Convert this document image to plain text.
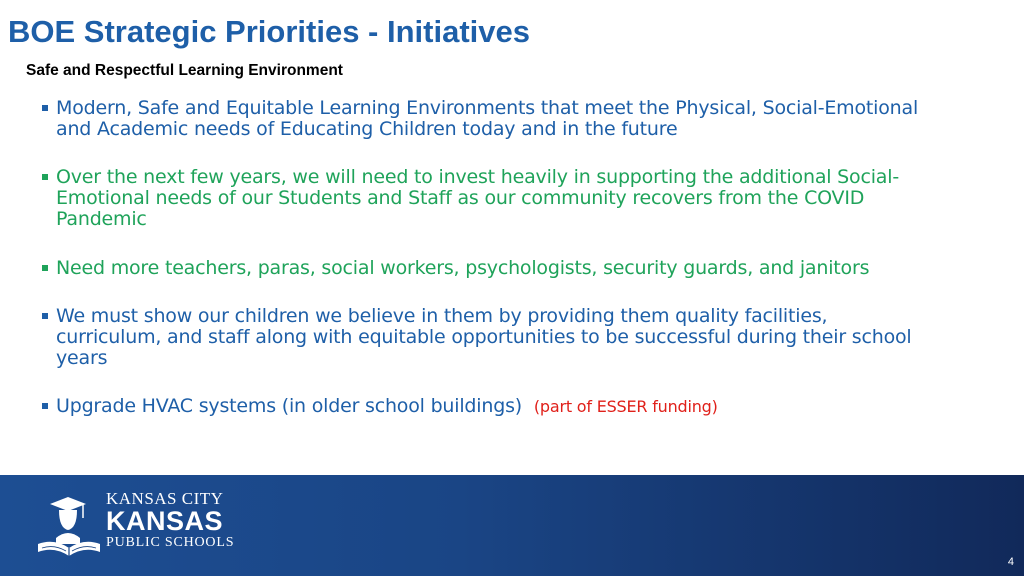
BOE Strategic Priorities - Initiatives
Safe and Respectful Learning Environment
Modern, Safe and Equitable Learning Environments that meet the Physical, Social-Emotional and Academic needs of Educating Children today and in the future
Over the next few years, we will need to invest heavily in supporting the additional Social-Emotional needs of our Students and Staff as our community recovers from the COVID Pandemic
Need more teachers, paras, social workers, psychologists, security guards, and janitors
We must show our children we believe in them by providing them quality facilities, curriculum, and staff along with equitable opportunities to be successful during their school years
Upgrade HVAC systems (in older school buildings) (part of ESSER funding)
KANSAS CITY
KANSAS
PUBLIC SCHOOLS
4
